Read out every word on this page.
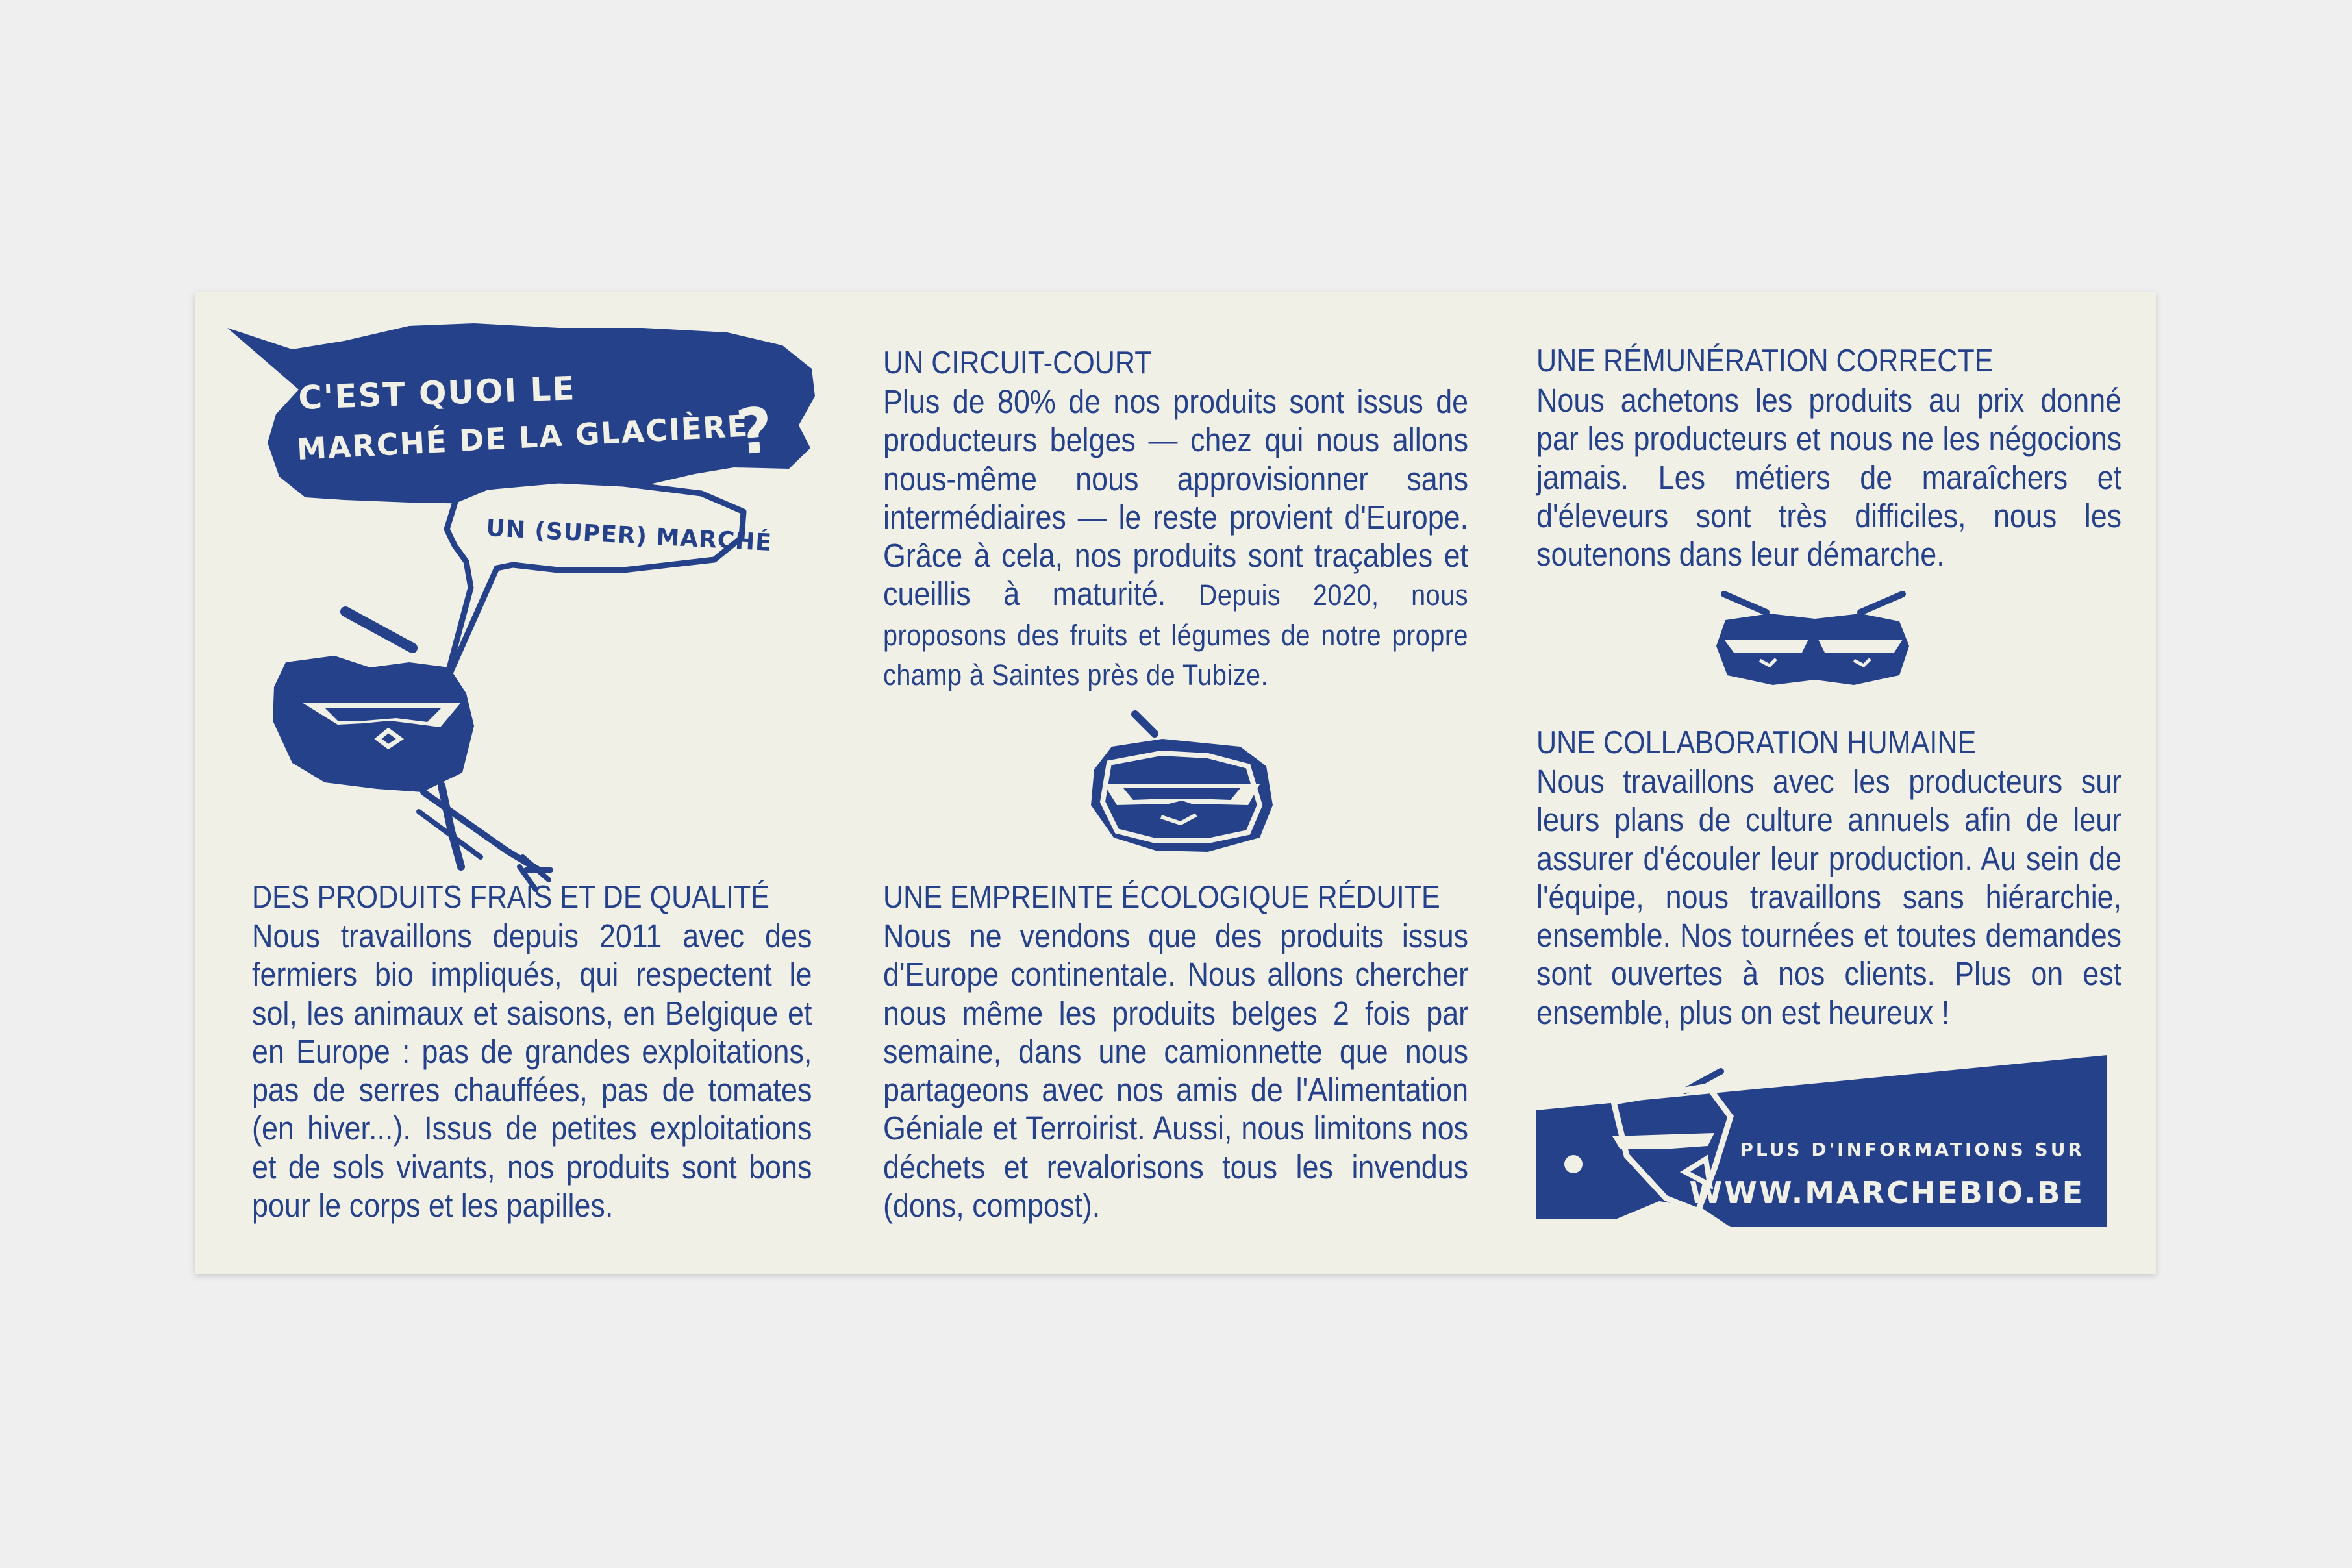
C'EST QUOI LE
MARCHÉ DE LA GLACIÈRE
?
UN (SUPER) MARCHÉ
DES PRODUITS FRAIS ET DE QUALITÉ

Nous travaillons depuis 2011 avec des fermiers bio impliqués, qui respectent le sol, les animaux et saisons, en Belgique et en Europe : pas de grandes exploitations, pas de serres chauffées, pas de tomates (en hiver...). Issus de petites exploitations et de sols vivants, nos produits sont bons pour le corps et les papilles.

UN CIRCUIT-COURT

Plus de 80% de nos produits sont issus de producteurs belges — chez qui nous allons nous-même nous approvisionner sans intermédiaires — le reste provient d'Europe. Grâce à cela, nos produits sont traçables et cueillis à maturité. Depuis 2020, nous proposons des fruits et légumes de notre propre champ à Saintes près de Tubize.

UNE EMPREINTE ÉCOLOGIQUE RÉDUITE

Nous ne vendons que des produits issus d'Europe continentale. Nous allons chercher nous même les produits belges 2 fois par semaine, dans une camionnette que nous partageons avec nos amis de l'Alimentation Géniale et Terroirist. Aussi, nous limitons nos déchets et revalorisons tous les invendus (dons, compost).

UNE RÉMUNÉRATION CORRECTE

Nous achetons les produits au prix donné par les producteurs et nous ne les négocions jamais. Les métiers de maraîchers et d'éleveurs sont très difficiles, nous les soutenons dans leur démarche.

UNE COLLABORATION HUMAINE

Nous travaillons avec les producteurs sur leurs plans de culture annuels afin de leur assurer d'écouler leur production. Au sein de l'équipe, nous travaillons sans hiérarchie, ensemble. Nos tournées et toutes demandes sont ouvertes à nos clients. Plus on est ensemble, plus on est heureux !

PLUS D'INFORMATIONS SUR
WWW.MARCHEBIO.BE
